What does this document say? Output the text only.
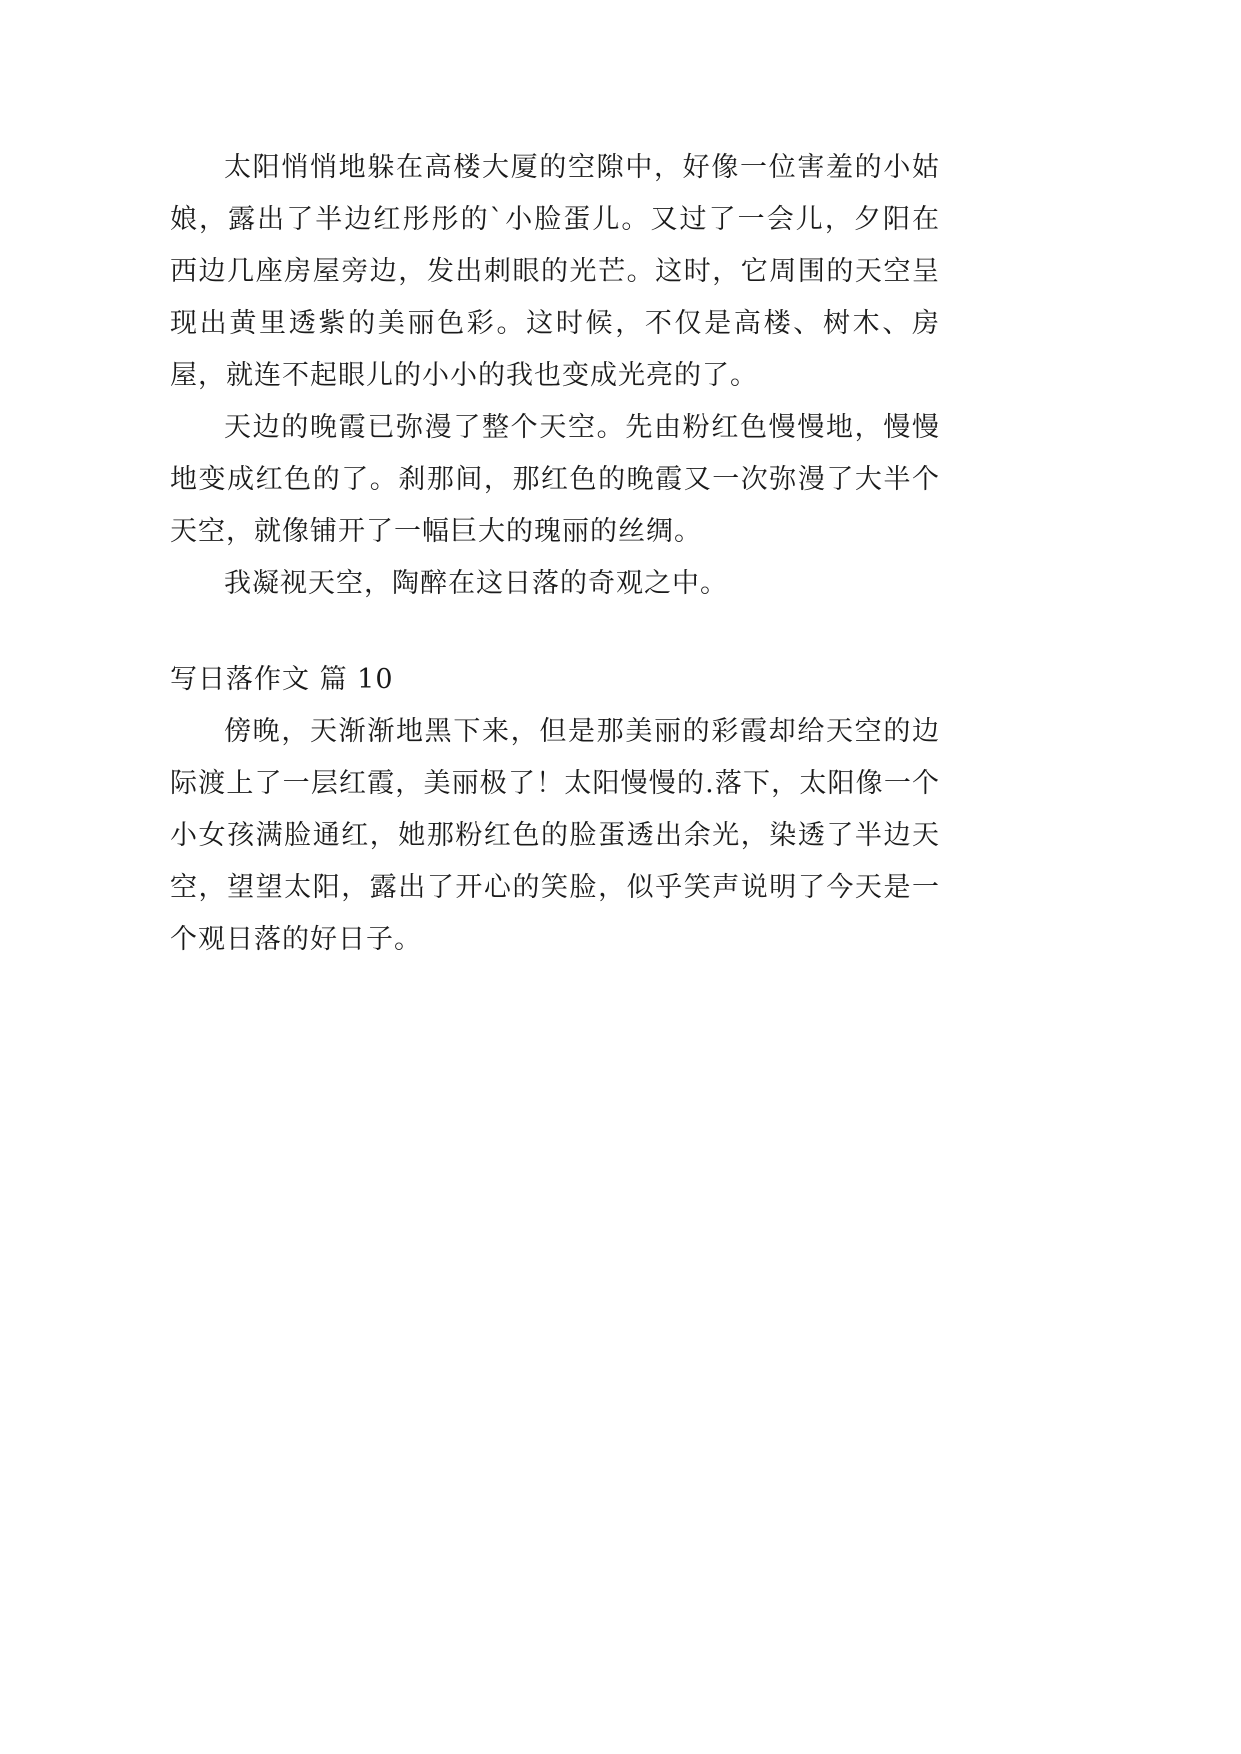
太阳悄悄地躲在高楼大厦的空隙中，好像一位害羞的小姑娘，露出了半边红彤彤的`小脸蛋儿。又过了一会儿，夕阳在西边几座房屋旁边，发出刺眼的光芒。这时，它周围的天空呈现出黄里透紫的美丽色彩。这时候，不仅是高楼、树木、房屋，就连不起眼儿的小小的我也变成光亮的了。

天边的晚霞已弥漫了整个天空。先由粉红色慢慢地，慢慢地变成红色的了。刹那间，那红色的晚霞又一次弥漫了大半个天空，就像铺开了一幅巨大的瑰丽的丝绸。

我凝视天空，陶醉在这日落的奇观之中。

写日落作文 篇 10

傍晚，天渐渐地黑下来，但是那美丽的彩霞却给天空的边际渡上了一层红霞，美丽极了！太阳慢慢的.落下，太阳像一个小女孩满脸通红，她那粉红色的脸蛋透出余光，染透了半边天空，望望太阳，露出了开心的笑脸，似乎笑声说明了今天是一个观日落的好日子。
